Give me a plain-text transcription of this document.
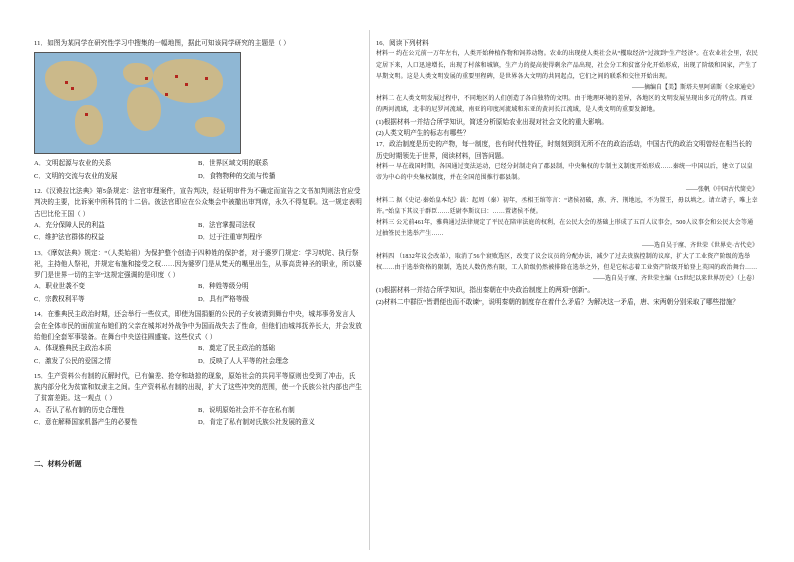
11．如图为某同学在研究性学习中搜集的一幅地图，据此可知该同学研究的主题是（ ）

A．文明起源与农业的关系	B．世界区域文明的联系
C．文明的交流与农业的发展	D．食物物种的交流与传播

12.《汉谟拉比法典》第5条规定：法官审理案件，宣告判决，经证明审件为不确定而宣告之文书加判则法官应受判决的主要，比诉案中所科罚的十二倍。彼法官即应在公众集会中被撤出审判席，永久不得复职。这一规定表明古巴比伦王国（ ）

A．充分保障人民的利益	B．法官掌握司法权
C．维护法官群体的权益	D．过于注重审判程序

13．《摩奴法典》规定：“（人类始祖）为保护整个创造于四种姓的保护者，对于婆罗门规定：学习吠陀、执行祭祀，主持他人祭祀，并规定布施和接受之权……因为婆罗门是从梵天的嘴里出生，从事高贵神圣的职业，所以婆罗门是世界一切的主宰”这规定强调的是印度（ ）

A．职业世袭不变	B．种姓等级分明
C．宗教权利平等	D．具有严格等级

14．在雅典民主政治时期，还会举行一些仪式，即使为国捐躯的公民的子女被请到舞台中央，城邦事务发言人会在全体市民的面前宣布她们的父亲在城邦对外战争中为国而战失去了性命，但他们由城邦抚养长大，并会发放给他们全套军事装备。在舞台中央送往圆盛宴。这些仪式（ ）

A．体现雅典民主政治本质	B．奠定了民主政治的基础
C．激发了公民的爱国之情	D．反映了人人平等的社会理念

15．生产资料公有制的瓦解时代，已有偏差、抢夺和劫掠的现象，原始社会的共同平等原则也受到了冲击，氏族内部分化为贫富和奴隶主之间。生产资料私有制的出现，扩大了这些冲突的范围，使一个氏族公社内部也产生了贫富差距。这一观点（ ）

A．否认了私有制的历史合理性	B．说明原始社会并不存在私有制
C．意在解释国家机器产生的必要性	D．肯定了私有制对氏族公社发展的意义
二、材料分析题

16．阅读下列材料

材料一 约在公元前一万年左右，人类开始种植作物和饲养动物。农业的出现使人类社会从“攫取经济”过渡到“生产经济”。在农业社会里，农民定居下来，人口迅速增长，出现了村落和城镇，生产力的提高使得剩余产品出现，社会分工和贫富分化开始形成，出现了阶级和国家，产生了早期文明。这是人类文明发展的重要里程碑，是世界各大文明的共同起点，它们之间的联系和交往开始出现。

——摘编自【美】斯塔夫里阿诺斯《全球通史》

材料二 在人类文明发展过程中，不同地区的人们创造了各自独特的文明。由于地理环境的差异，各地区的文明发展呈现出多元的特点。西亚的两河流域，北非的尼罗河流域，南亚的印度河流域和东亚的黄河长江流域，是人类文明的重要发源地。

(1)根据材料一并结合所学知识，简述分析原始农业出现对社会文化的重大影响。

(2)人类文明产生的标志有哪些？

17．政治制度是历史的产物，每一制度，也有时代性特征，时刻刻到到无所不在的政治活动，中国古代的政治文明曾经在相当长的历史时期领先于世界，阅读材料，回答问题。

材料一 早在战国时期，各国通过变法运动，已经分封制走向了郡县制，中央集权的专制主义制度开始形成……秦统一中国以后，建立了以皇帝为中心的中央集权制度，并在全国范围推行郡县制。

——张帆《中国古代简史》

材料二 据《史记·秦始皇本纪》载：起周（秦）初年，丞相王绾等言：“诸侯初破，燕、齐、荆地远，不为置王，毋以填之。请立诸子，唯上幸许。”始皇下其议于群臣……廷尉李斯议曰：……置诸侯不便。

材料三 公元前461年，雅典通过法律规定了平民在陪审法庭的权利，在公民大会的基础上形成了五百人议事会，500人议事会和公民大会等通过抽签民主选举产生……

——选自吴于廑、齐世荣《世界史·古代史》

材料四 （1832年议会改革），取消了56个衰败选区，改变了议会议员的分配办法，减少了过去贵族控制的议席，扩大了工业资产阶级的选举权……由于选举资格的限制，选民人数仍然有限，工人阶级仍然被排除在选举之外，但是它标志着工业资产阶级开始登上英国的政治舞台……

——选自吴于廑、齐世荣主编《15世纪以来世界历史》（上卷）

(1)根据材料一并结合所学知识，指出秦朝在中央政治制度上的两项“创新”。

(2)材料二中群臣“皆谓便也而不敢谏”，说明秦朝的制度存在着什么矛盾？为解决这一矛盾，唐、宋两朝分别采取了哪些措施？
